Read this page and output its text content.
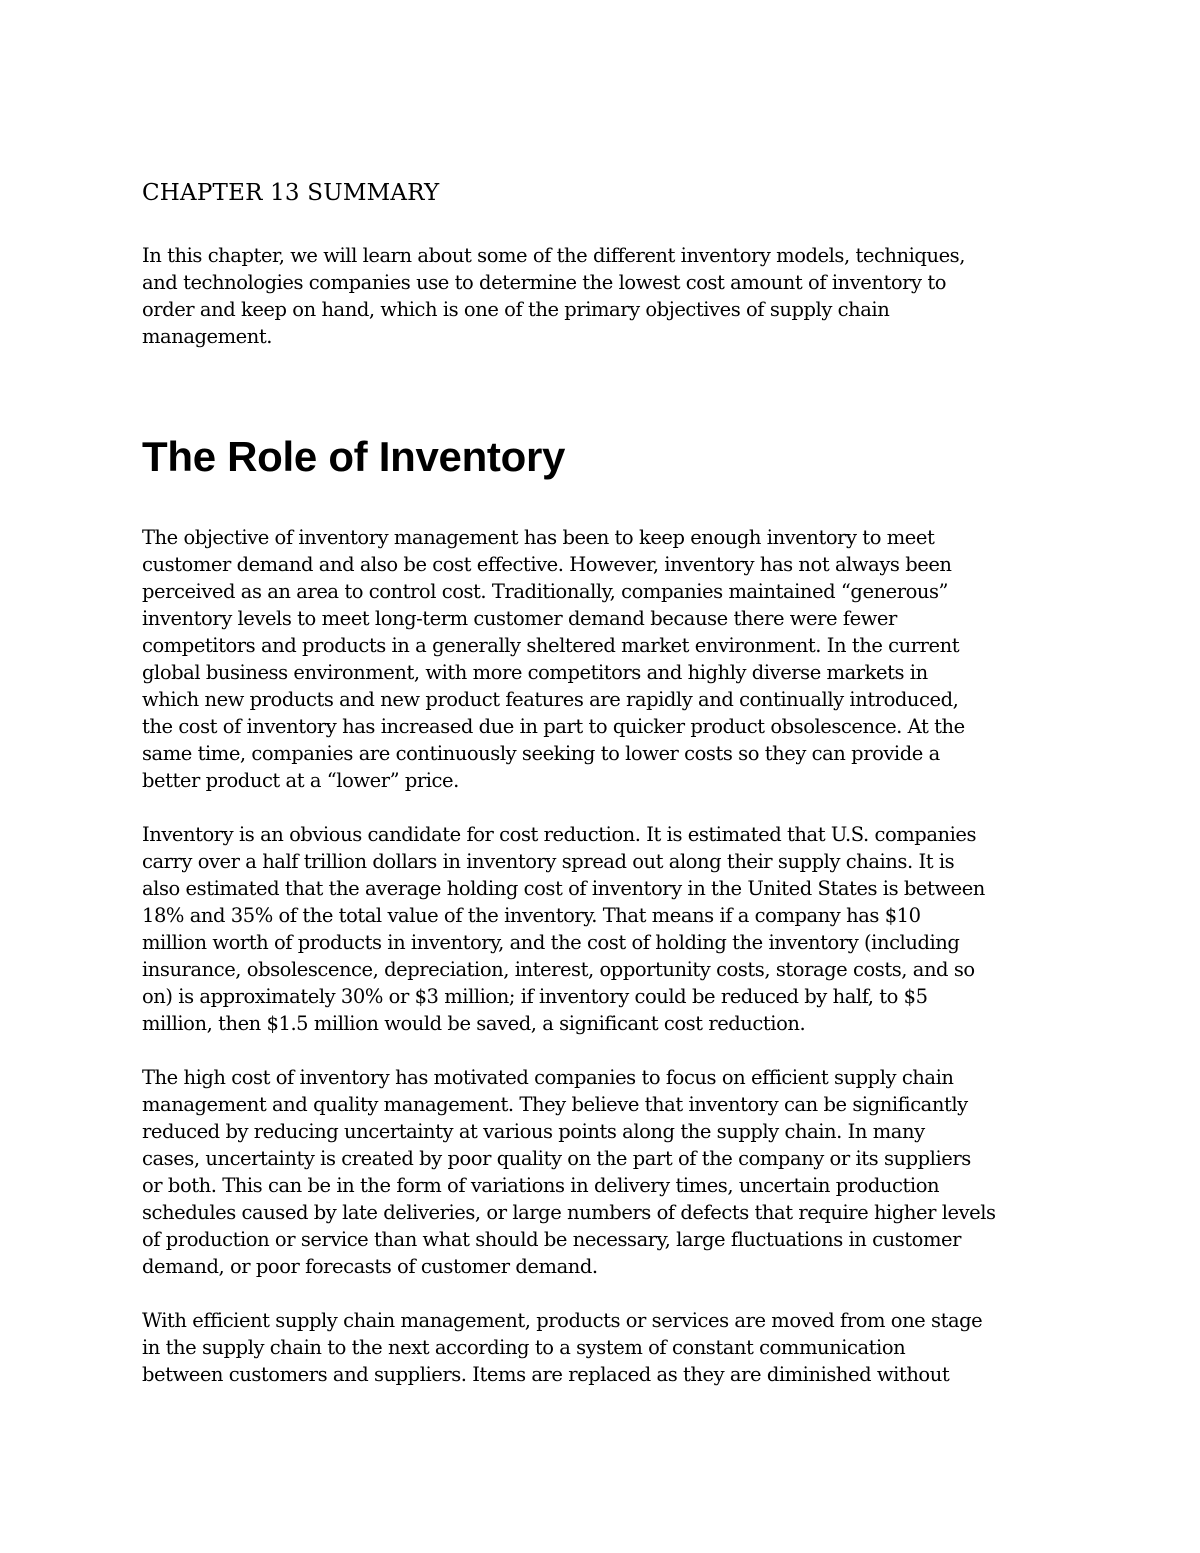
CHAPTER 13 SUMMARY

In this chapter, we will learn about some of the different inventory models, techniques,
and technologies companies use to determine the lowest cost amount of inventory to
order and keep on hand, which is one of the primary objectives of supply chain
management.

The Role of Inventory

The objective of inventory management has been to keep enough inventory to meet
customer demand and also be cost effective. However, inventory has not always been
perceived as an area to control cost. Traditionally, companies maintained “generous”
inventory levels to meet long-term customer demand because there were fewer
competitors and products in a generally sheltered market environment. In the current
global business environment, with more competitors and highly diverse markets in
which new products and new product features are rapidly and continually introduced,
the cost of inventory has increased due in part to quicker product obsolescence. At the
same time, companies are continuously seeking to lower costs so they can provide a
better product at a “lower” price.

Inventory is an obvious candidate for cost reduction. It is estimated that U.S. companies
carry over a half trillion dollars in inventory spread out along their supply chains. It is
also estimated that the average holding cost of inventory in the United States is between
18% and 35% of the total value of the inventory. That means if a company has $10
million worth of products in inventory, and the cost of holding the inventory (including
insurance, obsolescence, depreciation, interest, opportunity costs, storage costs, and so
on) is approximately 30% or $3 million; if inventory could be reduced by half, to $5
million, then $1.5 million would be saved, a significant cost reduction.

The high cost of inventory has motivated companies to focus on efficient supply chain
management and quality management. They believe that inventory can be significantly
reduced by reducing uncertainty at various points along the supply chain. In many
cases, uncertainty is created by poor quality on the part of the company or its suppliers
or both. This can be in the form of variations in delivery times, uncertain production
schedules caused by late deliveries, or large numbers of defects that require higher levels
of production or service than what should be necessary, large fluctuations in customer
demand, or poor forecasts of customer demand.

With efficient supply chain management, products or services are moved from one stage
in the supply chain to the next according to a system of constant communication
between customers and suppliers. Items are replaced as they are diminished without
